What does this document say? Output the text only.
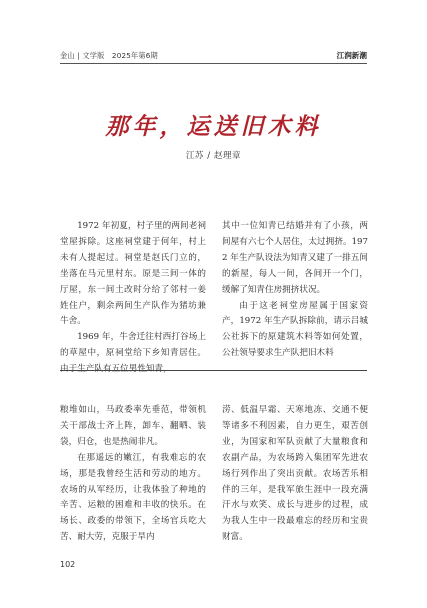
金山 | 文学版　2025年第6期	江润新潮
那年，运送旧木料
江苏 / 赵理章

1972 年初夏，村子里的两间老祠堂屋拆除。这座祠堂建于何年，村上未有人提起过。祠堂是赵氏门立的，坐落在马元里村东。原是三间一体的厅屋，东一间土改时分给了邻村一姜姓住户，剩余两间生产队作为猪坊兼牛舍。

1969 年，牛舍迁往村西打谷场上的草屋中，原祠堂给下乡知青居住。由于生产队有五位男性知青，

其中一位知青已结婚并有了小孩，两间屋有六七个人居住，太过拥挤。1972 年生产队设法为知青又建了一排五间的新屋，每人一间，各间开一个门，缓解了知青住房拥挤状况。

由于这老祠堂房屋属于国家资产，1972 年生产队拆除前，请示吕城公社拆下的原建筑木料等如何处置，公社领导要求生产队把旧木料

粮堆如山，马政委率先垂范，带领机关干部战士齐上阵，卸车、翻晒、装袋，归仓，也是热闹非凡。

在那遥远的嫩江，有我难忘的农场，那是我曾经生活和劳动的地方。农场的从军经历，让我体验了种地的辛苦、运粮的困难和丰收的快乐。在场长、政委的带领下，全场官兵吃大苦、耐大劳，克服于旱内

涝、低温早霜、天寒地冻、交通不便等诸多不利因素，自力更生，艰苦创业，为国家和军队贡献了大量粮食和农副产品，为农场跨入集团军先进农场行列作出了突出贡献。农场苦乐相伴的三年，是我军旅生涯中一段充满汗水与欢笑、成长与进步的过程，成为我人生中一段最难忘的经历和宝贵财富。

102
